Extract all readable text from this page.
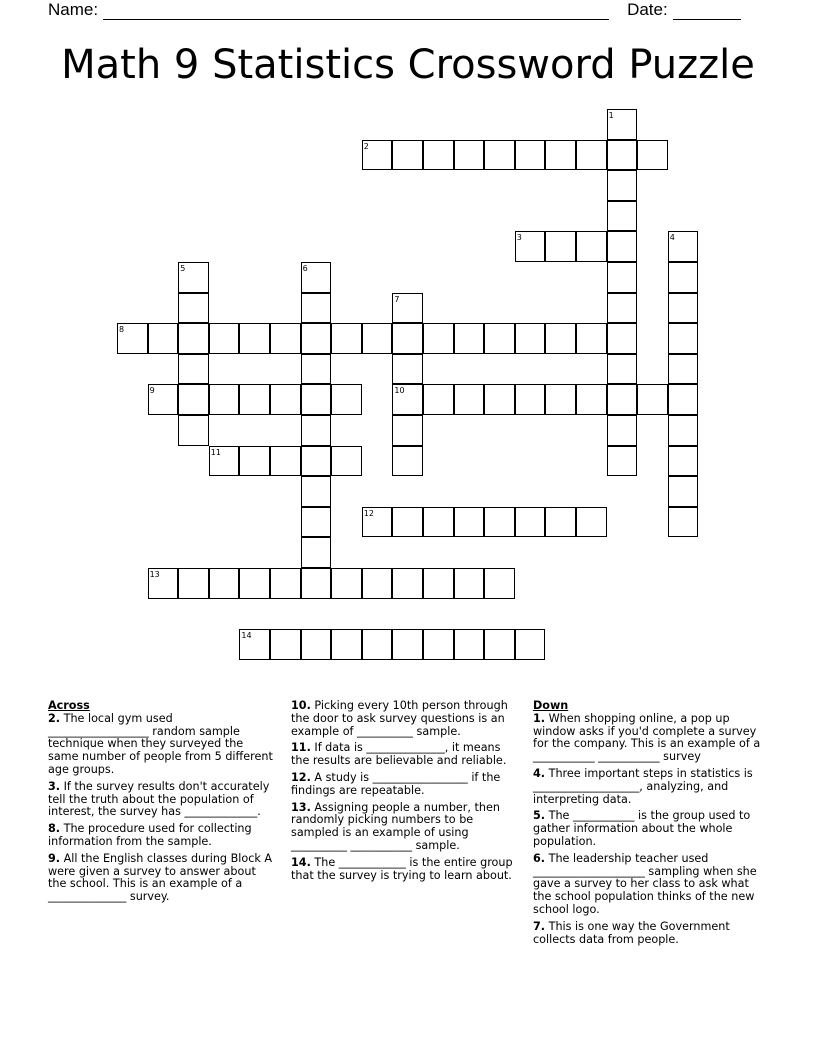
Name:	Date:
Math 9 Statistics Crossword Puzzle
1
2
3	4
5	6
7
10
8
9
11
12
13
14

Across

2. The local gym used __________________ random sample technique when they surveyed the same number of people from 5 different age groups.

3. If the survey results don't accurately tell the truth about the population of interest, the survey has _____________.

8. The procedure used for collecting information from the sample.

9. All the English classes during Block A were given a survey to answer about the school. This is an example of a ______________ survey.

10. Picking every 10th person through the door to ask survey questions is an example of __________ sample.

11. If data is ______________, it means the results are believable and reliable.

12. A study is _________________ if the findings are repeatable.

13. Assigning people a number, then randomly picking numbers to be sampled is an example of using __________ ___________ sample.

14. The ____________ is the entire group that the survey is trying to learn about.

Down

1. When shopping online, a pop up window asks if you'd complete a survey for the company. This is an example of a ___________ ___________ survey

4. Three important steps in statistics is ___________________, analyzing, and interpreting data.

5. The ___________ is the group used to gather information about the whole population.

6. The leadership teacher used ____________________ sampling when she gave a survey to her class to ask what the school population thinks of the new school logo.

7. This is one way the Government collects data from people.
